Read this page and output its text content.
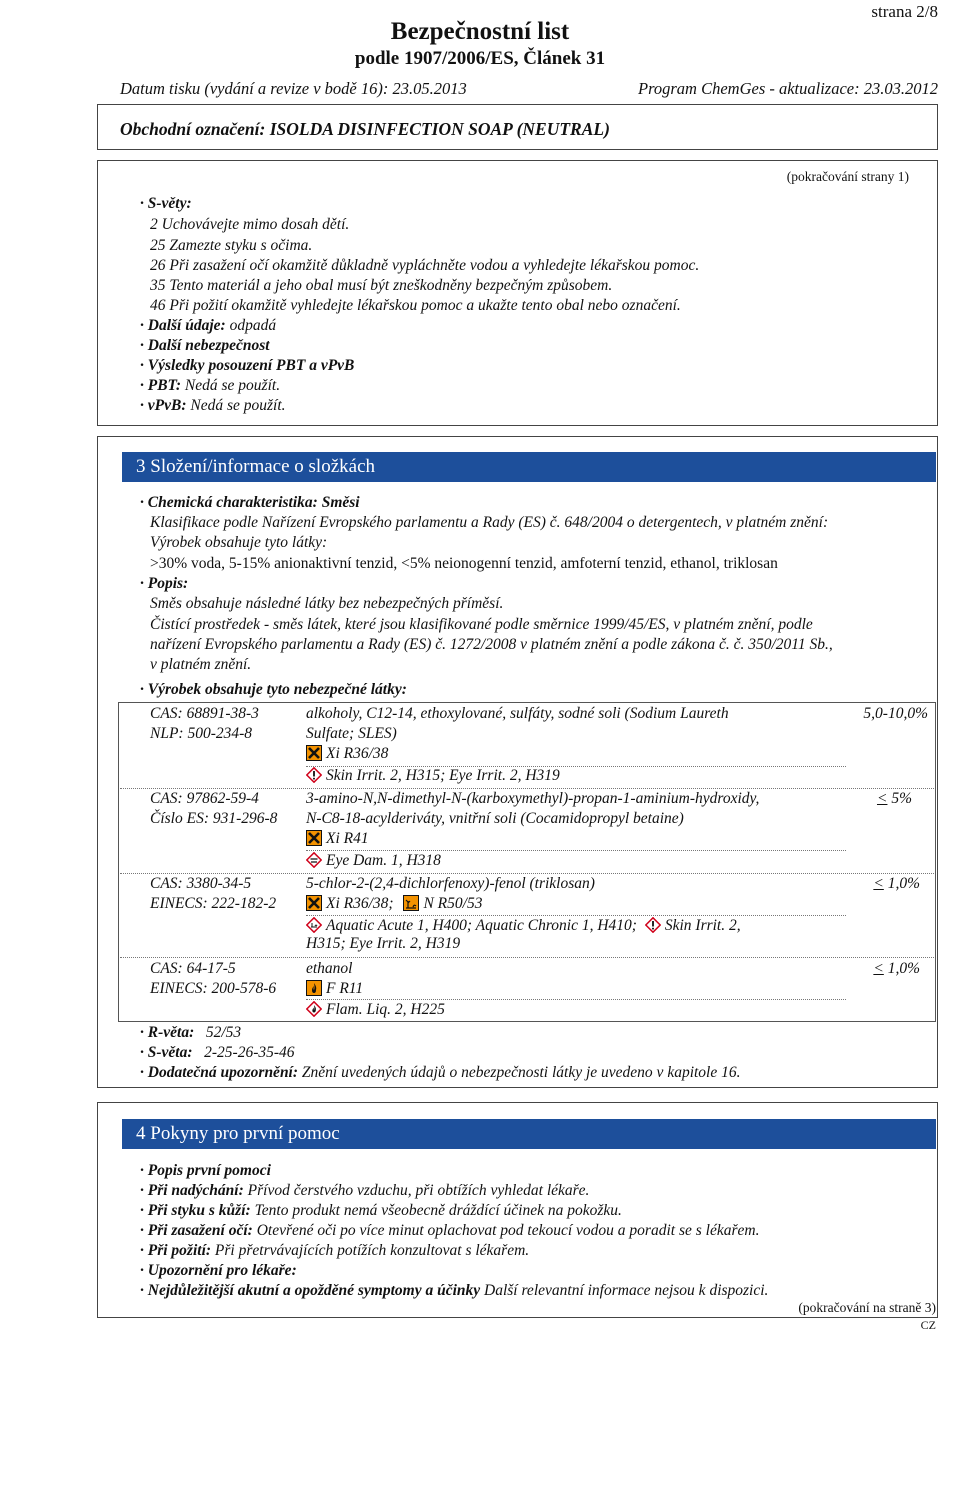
strana 2/8
Bezpečnostní list
podle 1907/2006/ES, Článek 31
Datum tisku (vydání a revize v bodě 16): 23.05.2013	Program ChemGes - aktualizace: 23.03.2012
Obchodní označení: ISOLDA DISINFECTION SOAP (NEUTRAL)
(pokračování strany 1)
· S-věty:
2 Uchovávejte mimo dosah dětí.
25 Zamezte styku s očima.
26 Při zasažení očí okamžitě důkladně vypláchněte vodou a vyhledejte lékařskou pomoc.
35 Tento materiál a jeho obal musí být zneškodněny bezpečným způsobem.
46 Při požití okamžitě vyhledejte lékařskou pomoc a ukažte tento obal nebo označení.
· Další údaje: odpadá
· Další nebezpečnost
· Výsledky posouzení PBT a vPvB
· PBT: Nedá se použít.
· vPvB: Nedá se použít.
3 Složení/informace o složkách
· Chemická charakteristika: Směsi
Klasifikace podle Nařízení Evropského parlamentu a Rady (ES) č. 648/2004 o detergentech, v platném znění:
Výrobek obsahuje tyto látky:
>30% voda, 5-15% anionaktivní tenzid, <5% neionogenní tenzid, amfoterní tenzid, ethanol, triklosan
· Popis:
Směs obsahuje následné látky bez nebezpečných příměsí.
Čistící prostředek - směs látek, které jsou klasifikované podle směrnice 1999/45/ES, v platném znění, podle
nařízení Evropského parlamentu a Rady (ES) č. 1272/2008 v platném znění a podle zákona č. č. 350/2011 Sb.,
v platném znění.
· Výrobek obsahuje tyto nebezpečné látky:
CAS: 68891-38-3
NLP: 500-234-8
alkoholy, C12-14, ethoxylované, sulfáty, sodné soli (Sodium Laureth
Sulfate; SLES)
Xi R36/38
Skin Irrit. 2, H315; Eye Irrit. 2, H319
5,0-10,0%
CAS: 97862-59-4
Číslo ES: 931-296-8
3-amino-N,N-dimethyl-N-(karboxymethyl)-propan-1-aminium-hydroxidy,
N-C8-18-acylderiváty, vnitřní soli (Cocamidopropyl betaine)
Xi R41
Eye Dam. 1, H318
≤ 5%
CAS: 3380-34-5
EINECS: 222-182-2
5-chlor-2-(2,4-dichlorfenoxy)-fenol (triklosan)
Xi R36/38; N R50/53
Aquatic Acute 1, H400; Aquatic Chronic 1, H410; Skin Irrit. 2,
H315; Eye Irrit. 2, H319
≤ 1,0%
CAS: 64-17-5
EINECS: 200-578-6
ethanol
F R11
Flam. Liq. 2, H225
≤ 1,0%
· R-věta: 52/53
· S-věta: 2-25-26-35-46
· Dodatečná upozornění: Znění uvedených údajů o nebezpečnosti látky je uvedeno v kapitole 16.
4 Pokyny pro první pomoc
· Popis první pomoci
· Při nadýchání: Přívod čerstvého vzduchu, při obtížích vyhledat lékaře.
· Při styku s kůží: Tento produkt nemá všeobecně dráždící účinek na pokožku.
· Při zasažení očí: Otevřené oči po více minut oplachovat pod tekoucí vodou a poradit se s lékařem.
· Při požití: Při přetrvávajících potížích konzultovat s lékařem.
· Upozornění pro lékaře:
· Nejdůležitější akutní a opožděné symptomy a účinky Další relevantní informace nejsou k dispozici.
(pokračování na straně 3)
CZ
